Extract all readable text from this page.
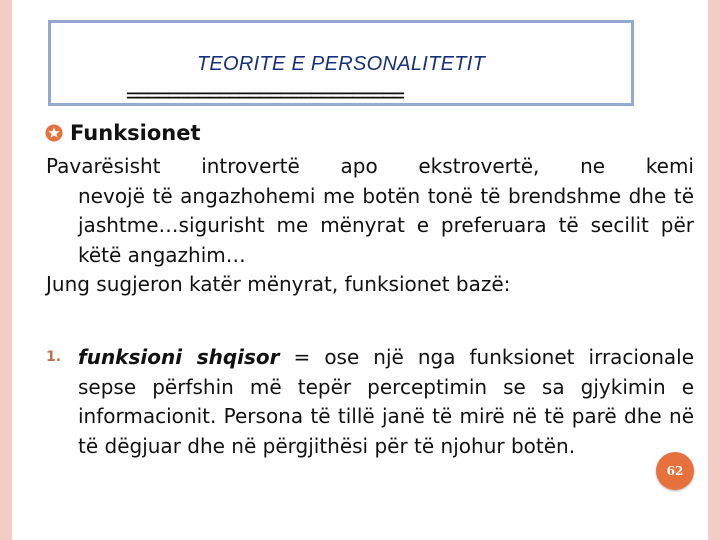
TEORITE E PERSONALITETIT
===========================
Funksionet

Pavarësisht introvertë apo ekstrovertë, ne kemi

nevojë të angazhohemi me botën tonë të brendshme dhe të jashtme…sigurisht me mënyrat e preferuara të secilit për këtë angazhim…

Jung sugjeron katër mënyrat, funksionet bazë:

1. funksioni shqisor = ose një nga funksionet irracionale sepse përfshin më tepër perceptimin se sa gjykimin e informacionit. Persona të tillë janë të mirë në të parë dhe në të dëgjuar dhe në përgjithësi për të njohur botën.
62
